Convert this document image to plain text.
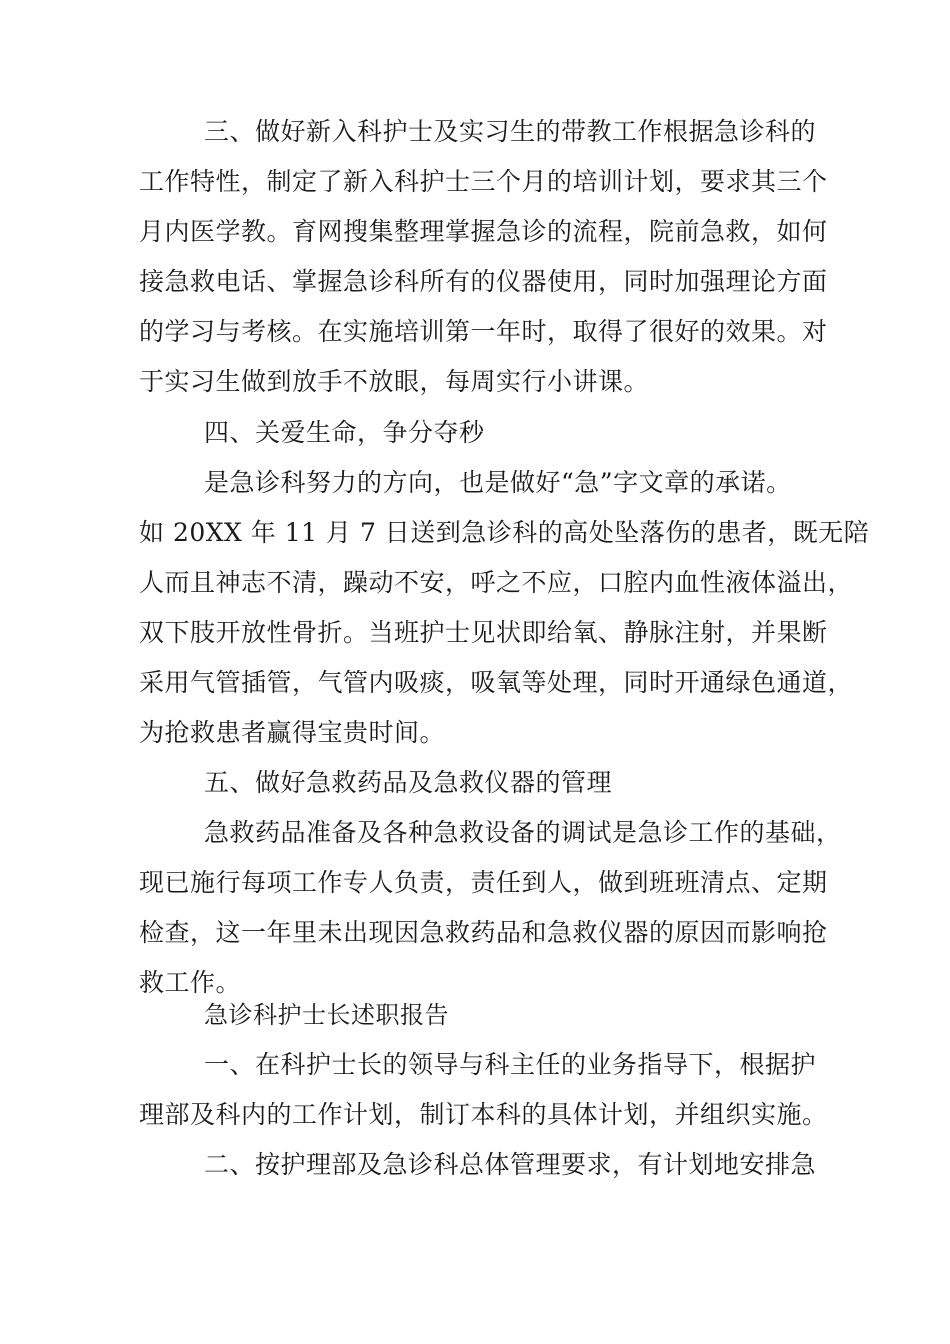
三、做好新入科护士及实习生的带教工作根据急诊科的
工作特性，制定了新入科护士三个月的培训计划，要求其三个
月内医学教。育网搜集整理掌握急诊的流程，院前急救，如何
接急救电话、掌握急诊科所有的仪器使用，同时加强理论方面
的学习与考核。在实施培训第一年时，取得了很好的效果。对
于实习生做到放手不放眼，每周实行小讲课。
四、关爱生命，争分夺秒
是急诊科努力的方向，也是做好“急”字文章的承诺。
如 20XX 年 11 月 7 日送到急诊科的高处坠落伤的患者，既无陪
人而且神志不清，躁动不安，呼之不应，口腔内血性液体溢出，
双下肢开放性骨折。当班护士见状即给氧、静脉注射，并果断
采用气管插管，气管内吸痰，吸氧等处理，同时开通绿色通道，
为抢救患者赢得宝贵时间。
五、做好急救药品及急救仪器的管理
急救药品准备及各种急救设备的调试是急诊工作的基础，
现已施行每项工作专人负责，责任到人，做到班班清点、定期
检查，这一年里未出现因急救药品和急救仪器的原因而影响抢
救工作。
急诊科护士长述职报告
一、在科护士长的领导与科主任的业务指导下，根据护
理部及科内的工作计划，制订本科的具体计划，并组织实施。
二、按护理部及急诊科总体管理要求，有计划地安排急
